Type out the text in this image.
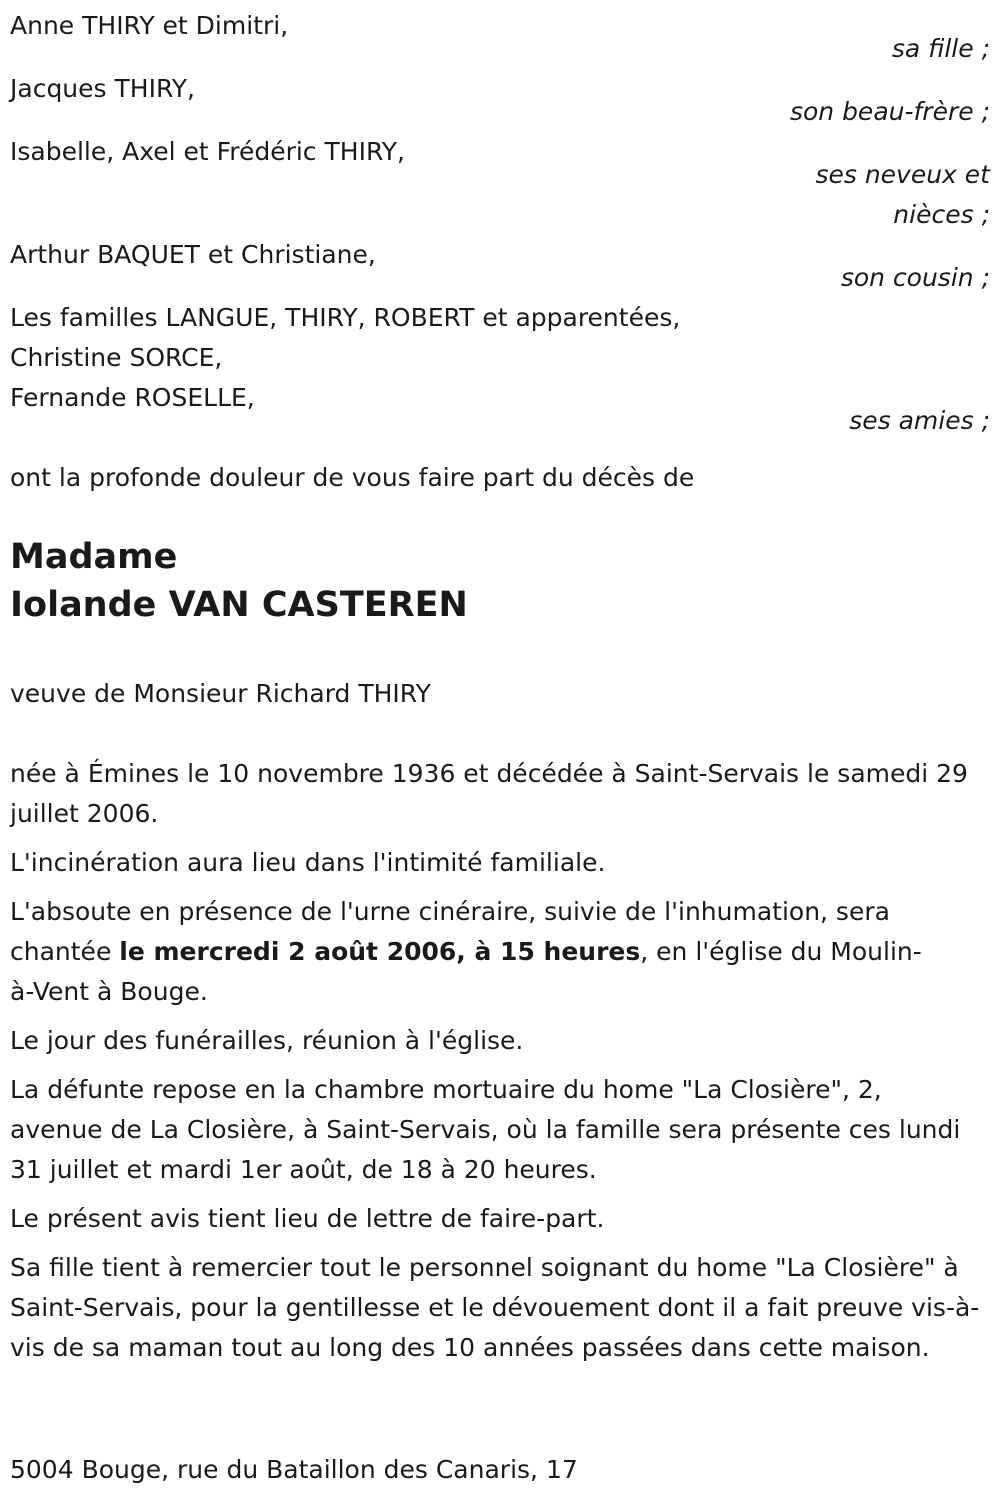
Anne THIRY et Dimitri,
sa fille ;
Jacques THIRY,
son beau-frère ;
Isabelle, Axel et Frédéric THIRY,
ses neveux et
nièces ;
Arthur BAQUET et Christiane,
son cousin ;
Les familles LANGUE, THIRY, ROBERT et apparentées,
Christine SORCE,
Fernande ROSELLE,
ses amies ;
ont la profonde douleur de vous faire part du décès de
Madame
Iolande VAN CASTEREN
veuve de Monsieur Richard THIRY

née à Émines le 10 novembre 1936 et décédée à Saint-Servais le samedi 29 juillet 2006.

L'incinération aura lieu dans l'intimité familiale.

L'absoute en présence de l'urne cinéraire, suivie de l'inhumation, sera chantée le mercredi 2 août 2006, à 15 heures, en l'église du Moulin-à-Vent à Bouge.

Le jour des funérailles, réunion à l'église.

La défunte repose en la chambre mortuaire du home "La Closière", 2, avenue de La Closière, à Saint-Servais, où la famille sera présente ces lundi 31 juillet et mardi 1er août, de 18 à 20 heures.

Le présent avis tient lieu de lettre de faire-part.

Sa fille tient à remercier tout le personnel soignant du home "La Closière" à Saint-Servais, pour la gentillesse et le dévouement dont il a fait preuve vis-à-vis de sa maman tout au long des 10 années passées dans cette maison.

5004 Bouge, rue du Bataillon des Canaris, 17
